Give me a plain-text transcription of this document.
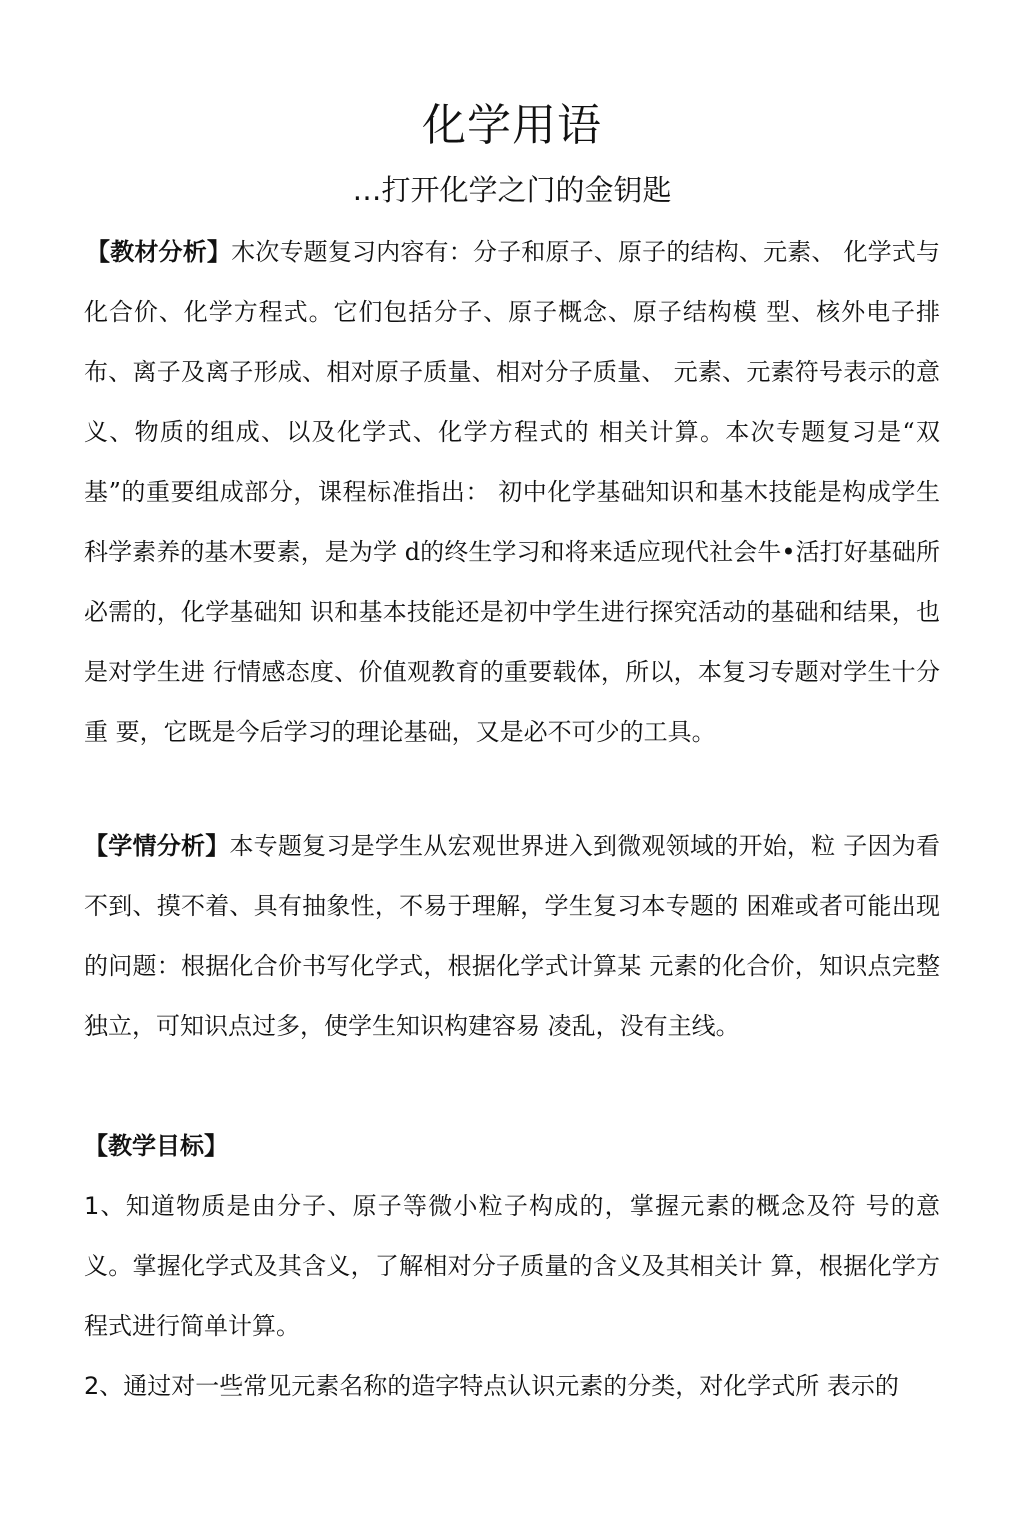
化学用语
…打开化学之门的金钥匙

【教材分析】木次专题复习内容有：分子和原子、原子的结构、元素、 化学式与化合价、化学方程式。它们包括分子、原子概念、原子结构模 型、核外电子排布、离子及离子形成、相对原子质量、相对分子质量、 元素、元素符号表示的意义、物质的组成、以及化学式、化学方程式的 相关计算。本次专题复习是“双基”的重要组成部分，课程标准指出： 初中化学基础知识和基木技能是构成学生科学素养的基木要素，是为学 d的终生学习和将来适应现代社会牛•活打好基础所必需的，化学基础知 识和基本技能还是初中学生进行探究活动的基础和结果，也是对学生进 行情感态度、价值观教育的重要载体，所以，本复习专题对学生十分重 要，它既是今后学习的理论基础，又是必不可少的工具。

【学情分析】本专题复习是学生从宏观世界进入到微观领域的开始，粒 子因为看不到、摸不着、具有抽象性，不易于理解，学生复习本专题的 困难或者可能出现的问题：根据化合价书写化学式，根据化学式计算某 元素的化合价，知识点完整独立，可知识点过多，使学生知识构建容易 凌乱，没有主线。

【教学目标】

1、知道物质是由分子、原子等微小粒子构成的，掌握元素的概念及符 号的意义。掌握化学式及其含义，了解相对分子质量的含义及其相关计 算，根据化学方程式进行简单计算。

2、通过对一些常见元素名称的造字特点认识元素的分类，对化学式所 表示的
